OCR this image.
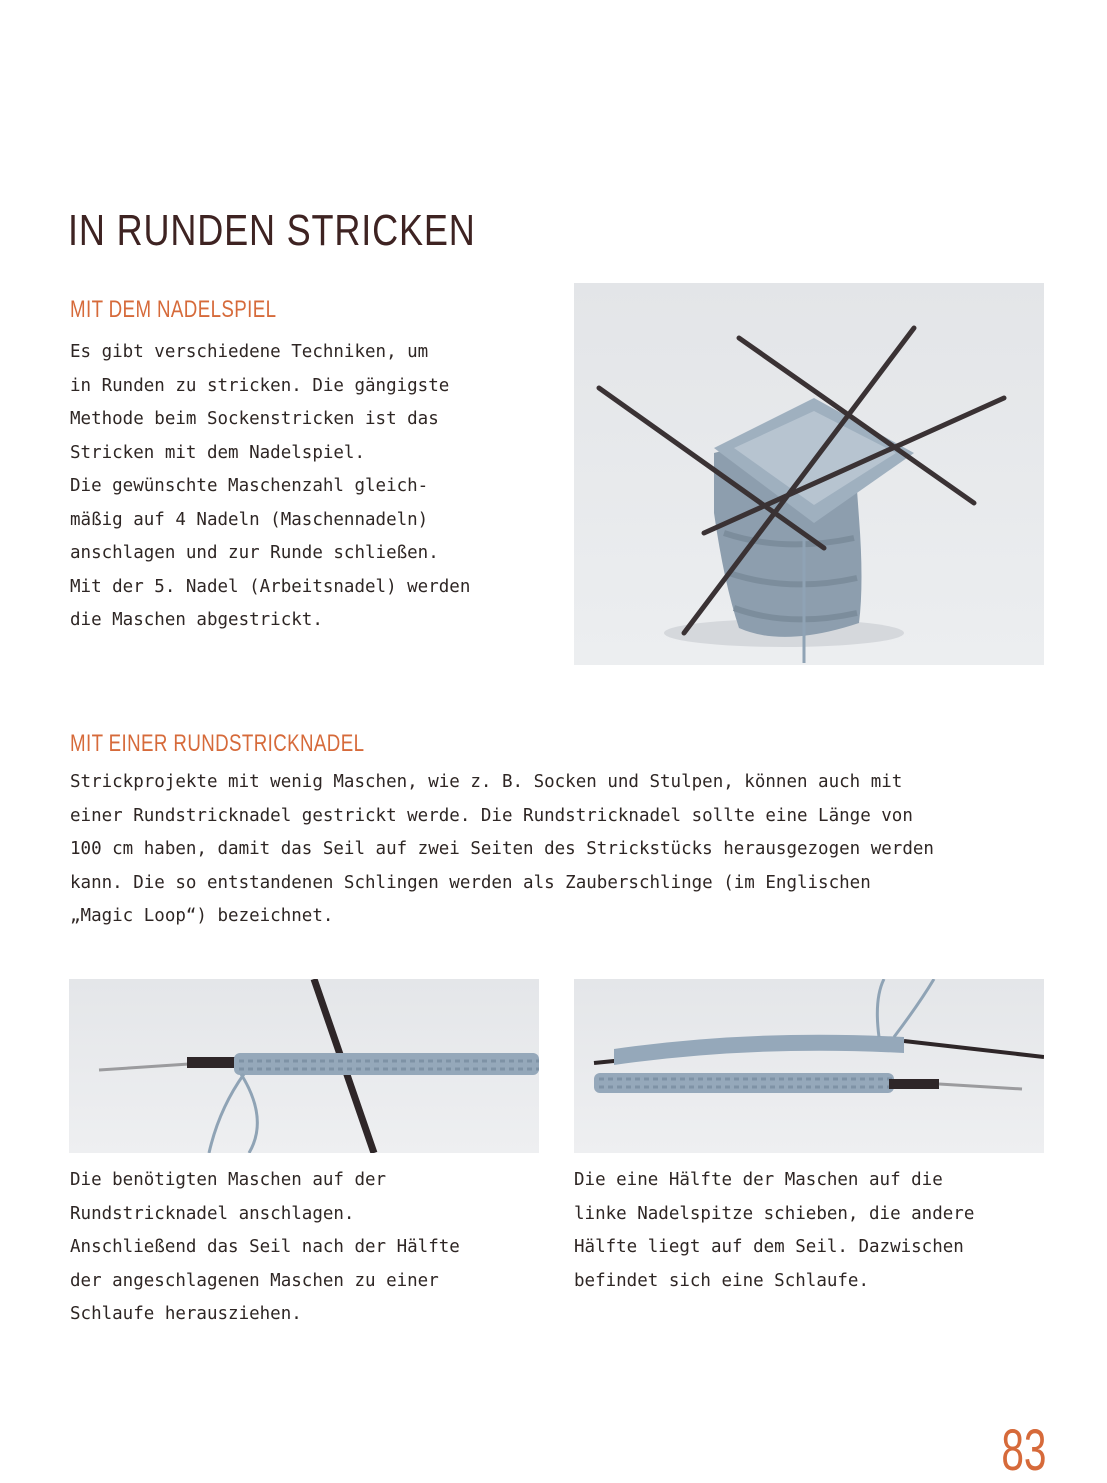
IN RUNDEN STRICKEN
MIT DEM NADELSPIEL

Es gibt verschiedene Techniken, um
in Runden zu stricken. Die gängigste
Methode beim Sockenstricken ist das
Stricken mit dem Nadelspiel.
Die gewünschte Maschenzahl gleich-
mäßig auf 4 Nadeln (Maschennadeln)
anschlagen und zur Runde schließen.
Mit der 5. Nadel (Arbeitsnadel) werden
die Maschen abgestrickt.

MIT EINER RUNDSTRICKNADEL

Strickprojekte mit wenig Maschen, wie z. B. Socken und Stulpen, können auch mit
einer Rundstricknadel gestrickt werde. Die Rundstricknadel sollte eine Länge von
100 cm haben, damit das Seil auf zwei Seiten des Strickstücks herausgezogen werden
kann. Die so entstandenen Schlingen werden als Zauberschlinge (im Englischen
„Magic Loop“) bezeichnet.

Die benötigten Maschen auf der
Rundstricknadel anschlagen.
Anschließend das Seil nach der Hälfte
der angeschlagenen Maschen zu einer
Schlaufe herausziehen.

Die eine Hälfte der Maschen auf die
linke Nadelspitze schieben, die andere
Hälfte liegt auf dem Seil. Dazwischen
befindet sich eine Schlaufe.

83
